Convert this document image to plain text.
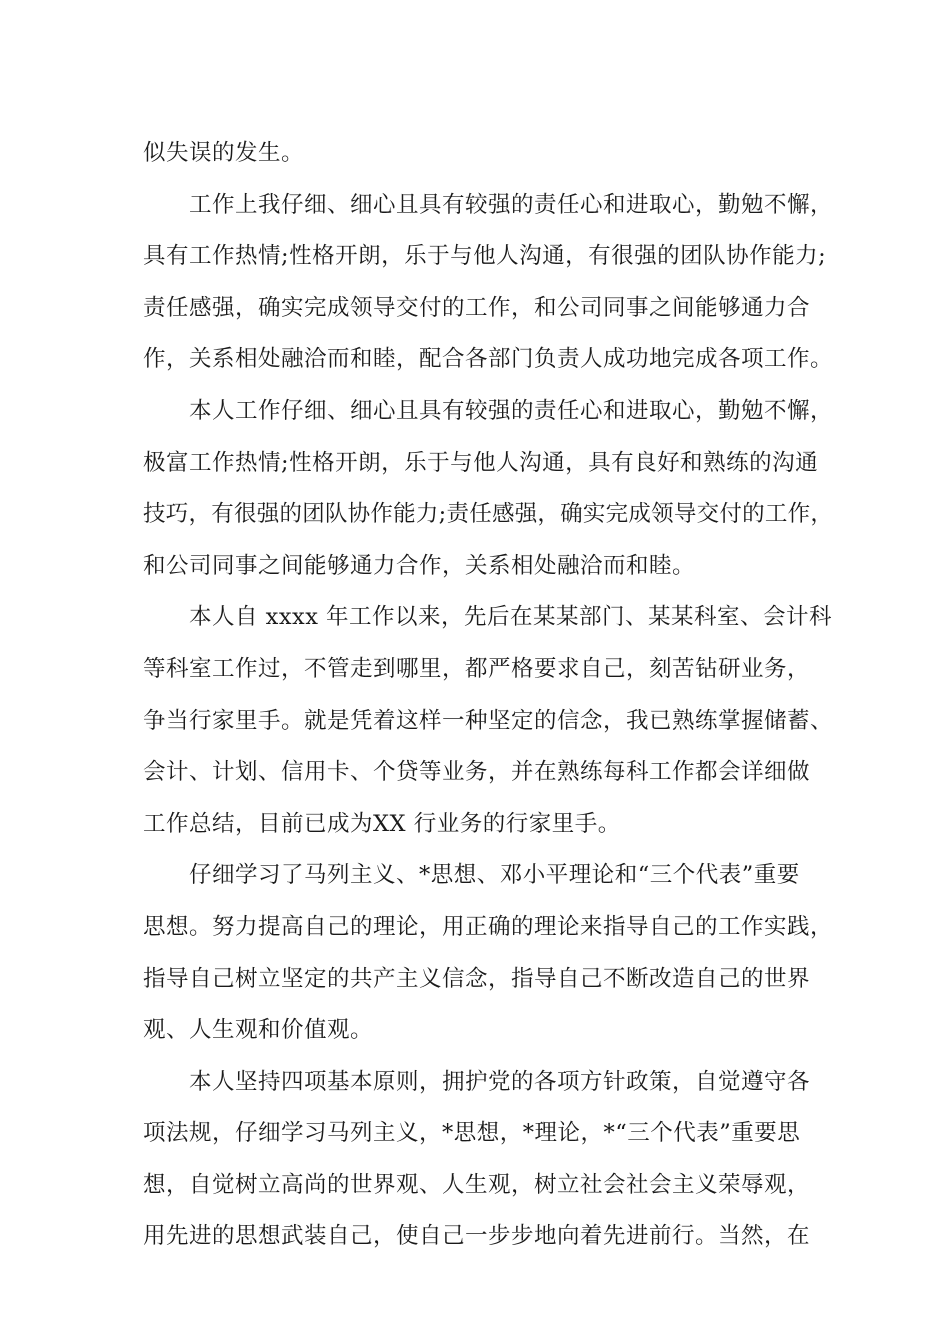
似失误的发生。
工作上我仔细、细心且具有较强的责任心和进取心，勤勉不懈，
具有工作热情;性格开朗，乐于与他人沟通，有很强的团队协作能力;
责任感强，确实完成领导交付的工作，和公司同事之间能够通力合
作，关系相处融洽而和睦，配合各部门负责人成功地完成各项工作。
本人工作仔细、细心且具有较强的责任心和进取心，勤勉不懈，
极富工作热情;性格开朗，乐于与他人沟通，具有良好和熟练的沟通
技巧，有很强的团队协作能力;责任感强，确实完成领导交付的工作，
和公司同事之间能够通力合作，关系相处融洽而和睦。
本人自 xxxx 年工作以来，先后在某某部门、某某科室、会计科
等科室工作过，不管走到哪里，都严格要求自己，刻苦钻研业务，
争当行家里手。就是凭着这样一种坚定的信念，我已熟练掌握储蓄、
会计、计划、信用卡、个贷等业务，并在熟练每科工作都会详细做
工作总结，目前已成为XX 行业务的行家里手。
仔细学习了马列主义、*思想、邓小平理论和“三个代表”重要
思想。努力提高自己的理论，用正确的理论来指导自己的工作实践，
指导自己树立坚定的共产主义信念，指导自己不断改造自己的世界
观、人生观和价值观。
本人坚持四项基本原则，拥护党的各项方针政策，自觉遵守各
项法规，仔细学习马列主义，*思想，*理论，*“三个代表”重要思
想，自觉树立高尚的世界观、人生观，树立社会社会主义荣辱观，
用先进的思想武装自己，使自己一步步地向着先进前行。当然，在
